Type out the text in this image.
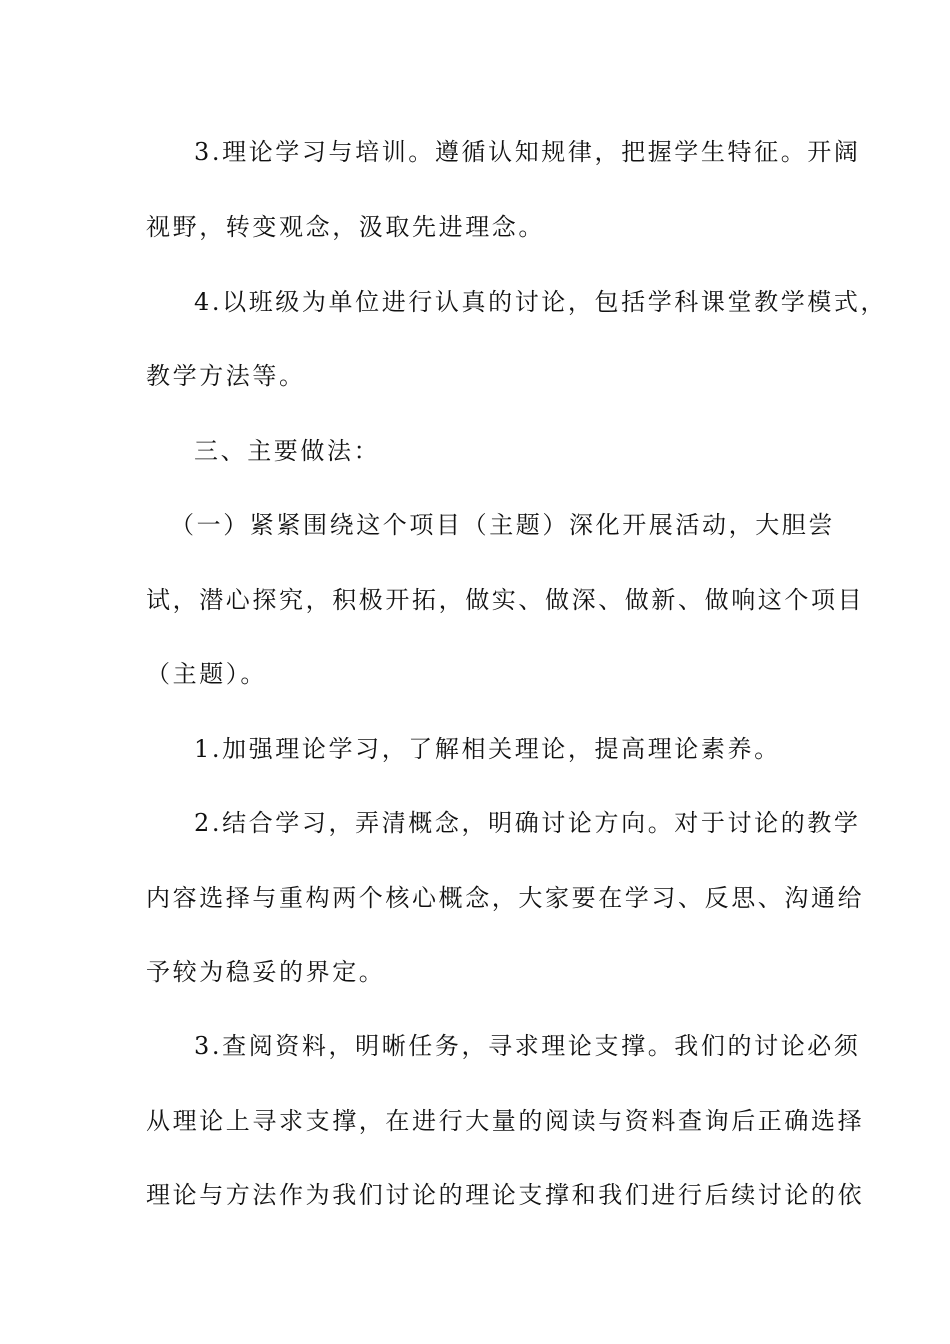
3.理论学习与培训。遵循认知规律，把握学生特征。开阔
视野，转变观念，汲取先进理念。
4.以班级为单位进行认真的讨论，包括学科课堂教学模式，
教学方法等。
三、主要做法：
（一）紧紧围绕这个项目（主题）深化开展活动，大胆尝
试，潜心探究，积极开拓，做实、做深、做新、做响这个项目
（主题）。
1.加强理论学习，了解相关理论，提高理论素养。
2.结合学习，弄清概念，明确讨论方向。对于讨论的教学
内容选择与重构两个核心概念，大家要在学习、反思、沟通给
予较为稳妥的界定。
3.查阅资料，明晰任务，寻求理论支撑。我们的讨论必须
从理论上寻求支撑，在进行大量的阅读与资料查询后正确选择
理论与方法作为我们讨论的理论支撑和我们进行后续讨论的依
